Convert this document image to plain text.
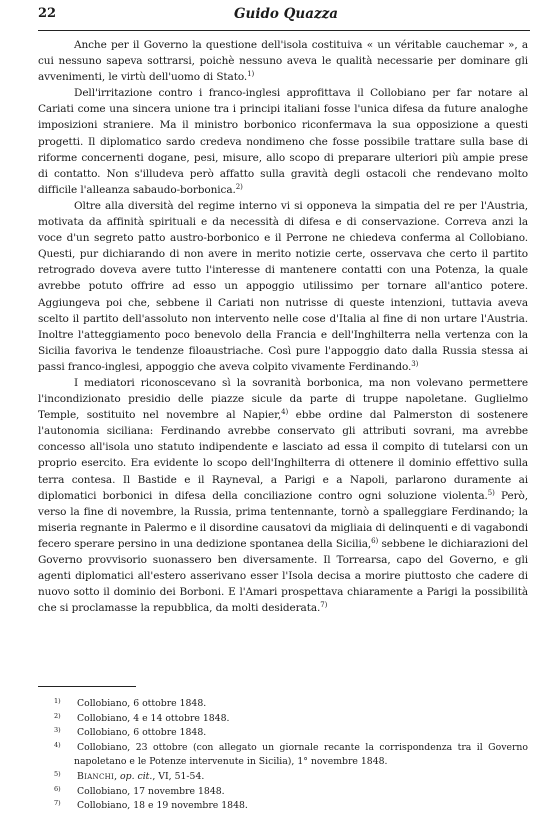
22	Guido Quazza

Anche per il Governo la questione dell'isola costituiva « un véritable cauchemar », a cui nessuno sapeva sottrarsi, poichè nessuno aveva le qualità necessarie per dominare gli avvenimenti, le virtù dell'uomo di Stato.$^{1)}$

Dell'irritazione contro i franco-inglesi approfittava il Collobiano per far notare al Cariati come una sincera unione tra i principi italiani fosse l'unica difesa da future analoghe imposizioni straniere. Ma il ministro borbonico riconfermava la sua opposizione a questi progetti. Il diplomatico sardo credeva nondimeno che fosse possibile trattare sulla base di riforme concernenti dogane, pesi, misure, allo scopo di preparare ulteriori più ampie prese di contatto. Non s'illudeva però affatto sulla gravità degli ostacoli che rendevano molto difficile l'alleanza sabaudo-borbonica.$^{2)}$

Oltre alla diversità del regime interno vi si opponeva la simpatia del re per l'Austria, motivata da affinità spirituali e da necessità di difesa e di conservazione. Correva anzi la voce d'un segreto patto austro-borbonico e il Perrone ne chiedeva conferma al Collobiano. Questi, pur dichiarando di non avere in merito notizie certe, osservava che certo il partito retrogrado doveva avere tutto l'interesse di mantenere contatti con una Potenza, la quale avrebbe potuto offrire ad esso un appoggio utilissimo per tornare all'antico potere. Aggiungeva poi che, sebbene il Cariati non nutrisse di queste intenzioni, tuttavia aveva scelto il partito dell'assoluto non intervento nelle cose d'Italia al fine di non urtare l'Austria. Inoltre l'atteggiamento poco benevolo della Francia e dell'Inghilterra nella vertenza con la Sicilia favoriva le tendenze filoaustriache. Così pure l'appoggio dato dalla Russia stessa ai passi franco-inglesi, appoggio che aveva colpito vivamente Ferdinando.$^{3)}$

I mediatori riconoscevano sì la sovranità borbonica, ma non volevano permettere l'incondizionato presidio delle piazze sicule da parte di truppe napoletane. Guglielmo Temple, sostituito nel novembre al Napier,$^{4)}$ ebbe ordine dal Palmerston di sostenere l'autonomia siciliana: Ferdinando avrebbe conservato gli attributi sovrani, ma avrebbe concesso all'isola uno statuto indipendente e lasciato ad essa il compito di tutelarsi con un proprio esercito. Era evidente lo scopo dell'Inghilterra di ottenere il dominio effettivo sulla terra contesa. Il Bastide e il Rayneval, a Parigi e a Napoli, parlarono duramente ai diplomatici borbonici in difesa della conciliazione contro ogni soluzione violenta.$^{5)}$ Però, verso la fine di novembre, la Russia, prima tentennante, tornò a spalleggiare Ferdinando; la miseria regnante in Palermo e il disordine causatovi da migliaia di delinquenti e di vagabondi fecero sperare persino in una dedizione spontanea della Sicilia,$^{6)}$ sebbene le dichiarazioni del Governo provvisorio suonassero ben diversamente. Il Torrearsa, capo del Governo, e gli agenti diplomatici all'estero asserivano esser l'Isola decisa a morire piuttosto che cadere di nuovo sotto il dominio dei Borboni. E l'Amari prospettava chiaramente a Parigi la possibilità che si proclamasse la repubblica, da molti desiderata.$^{7)}$

$^{1)}$ Collobiano, 6 ottobre 1848.

$^{2)}$ Collobiano, 4 e 14 ottobre 1848.

$^{3)}$ Collobiano, 6 ottobre 1848.

$^{4)}$ Collobiano, 23 ottobre (con allegato un giornale recante la corrispondenza tra il Governo napoletano e le Potenze intervenute in Sicilia), 1° novembre 1848.

$^{5)}$ Bianchi, op. cit., VI, 51-54.

$^{6)}$ Collobiano, 17 novembre 1848.

$^{7)}$ Collobiano, 18 e 19 novembre 1848.
